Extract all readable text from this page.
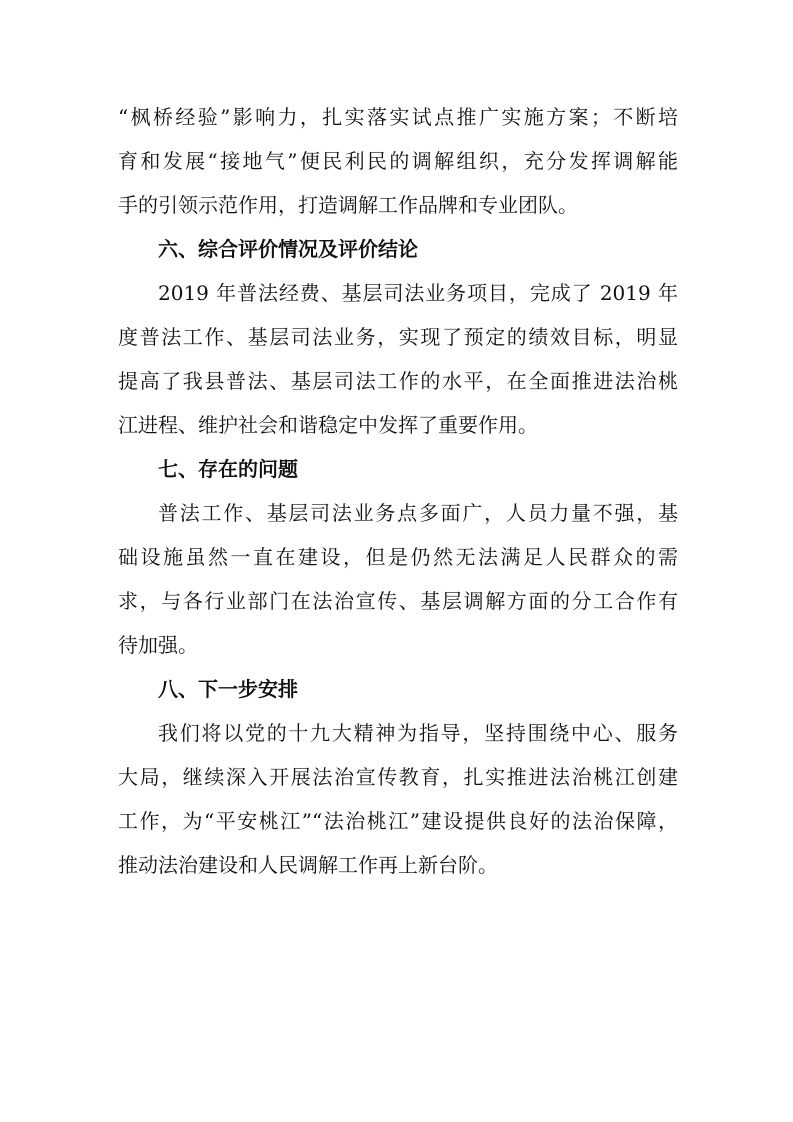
“枫桥经验”影响力，扎实落实试点推广实施方案；不断培
育和发展“接地气”便民利民的调解组织，充分发挥调解能
手的引领示范作用，打造调解工作品牌和专业团队。
六、综合评价情况及评价结论
2019 年普法经费、基层司法业务项目，完成了 2019 年
度普法工作、基层司法业务，实现了预定的绩效目标，明显
提高了我县普法、基层司法工作的水平，在全面推进法治桃
江进程、维护社会和谐稳定中发挥了重要作用。
七、存在的问题
普法工作、基层司法业务点多面广，人员力量不强，基
础设施虽然一直在建设，但是仍然无法满足人民群众的需
求，与各行业部门在法治宣传、基层调解方面的分工合作有
待加强。
八、下一步安排
我们将以党的十九大精神为指导，坚持围绕中心、服务
大局，继续深入开展法治宣传教育，扎实推进法治桃江创建
工作，为“平安桃江”“法治桃江”建设提供良好的法治保障，
推动法治建设和人民调解工作再上新台阶。
